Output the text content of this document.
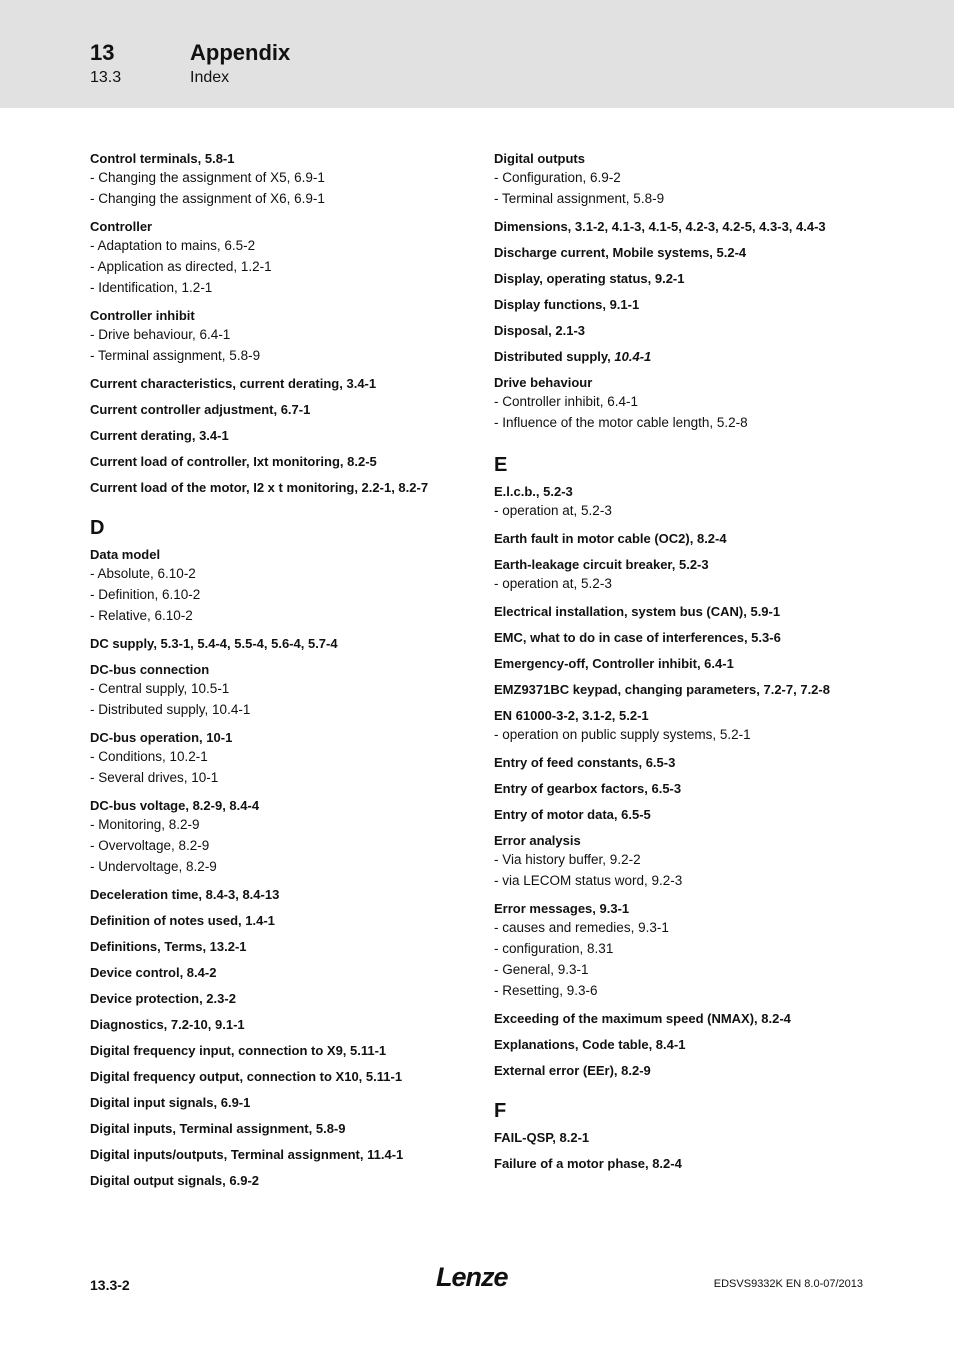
13	Appendix
13.3	Index
Control terminals, 5.8-1
- Changing the assignment of X5, 6.9-1
- Changing the assignment of X6, 6.9-1
Controller
- Adaptation to mains, 6.5-2
- Application as directed, 1.2-1
- Identification, 1.2-1
Controller inhibit
- Drive behaviour, 6.4-1
- Terminal assignment, 5.8-9
Current characteristics, current derating, 3.4-1
Current controller adjustment, 6.7-1
Current derating, 3.4-1
Current load of controller, Ixt monitoring, 8.2-5
Current load of the motor, I2 x t monitoring, 2.2-1, 8.2-7
D
Data model
- Absolute, 6.10-2
- Definition, 6.10-2
- Relative, 6.10-2
DC supply, 5.3-1, 5.4-4, 5.5-4, 5.6-4, 5.7-4
DC-bus connection
- Central supply, 10.5-1
- Distributed supply, 10.4-1
DC-bus operation, 10-1
- Conditions, 10.2-1
- Several drives, 10-1
DC-bus voltage, 8.2-9, 8.4-4
- Monitoring, 8.2-9
- Overvoltage, 8.2-9
- Undervoltage, 8.2-9
Deceleration time, 8.4-3, 8.4-13
Definition of notes used, 1.4-1
Definitions, Terms, 13.2-1
Device control, 8.4-2
Device protection, 2.3-2
Diagnostics, 7.2-10, 9.1-1
Digital frequency input, connection to X9, 5.11-1
Digital frequency output, connection to X10, 5.11-1
Digital input signals, 6.9-1
Digital inputs, Terminal assignment, 5.8-9
Digital inputs/outputs, Terminal assignment, 11.4-1
Digital output signals, 6.9-2
Digital outputs
- Configuration, 6.9-2
- Terminal assignment, 5.8-9
Dimensions, 3.1-2, 4.1-3, 4.1-5, 4.2-3, 4.2-5, 4.3-3, 4.4-3
Discharge current, Mobile systems, 5.2-4
Display, operating status, 9.2-1
Display functions, 9.1-1
Disposal, 2.1-3
Distributed supply, 10.4-1
Drive behaviour
- Controller inhibit, 6.4-1
- Influence of the motor cable length, 5.2-8
E
E.l.c.b., 5.2-3
- operation at, 5.2-3
Earth fault in motor cable (OC2), 8.2-4
Earth-leakage circuit breaker, 5.2-3
- operation at, 5.2-3
Electrical installation, system bus (CAN), 5.9-1
EMC, what to do in case of interferences, 5.3-6
Emergency-off, Controller inhibit, 6.4-1
EMZ9371BC keypad, changing parameters, 7.2-7, 7.2-8
EN 61000-3-2, 3.1-2, 5.2-1
- operation on public supply systems, 5.2-1
Entry of feed constants, 6.5-3
Entry of gearbox factors, 6.5-3
Entry of motor data, 6.5-5
Error analysis
- Via history buffer, 9.2-2
- via LECOM status word, 9.2-3
Error messages, 9.3-1
- causes and remedies, 9.3-1
- configuration, 8.31
- General, 9.3-1
- Resetting, 9.3-6
Exceeding of the maximum speed (NMAX), 8.2-4
Explanations, Code table, 8.4-1
External error (EEr), 8.2-9
F
FAIL-QSP, 8.2-1
Failure of a motor phase, 8.2-4
13.3-2	Lenze	EDSVS9332K EN 8.0-07/2013
